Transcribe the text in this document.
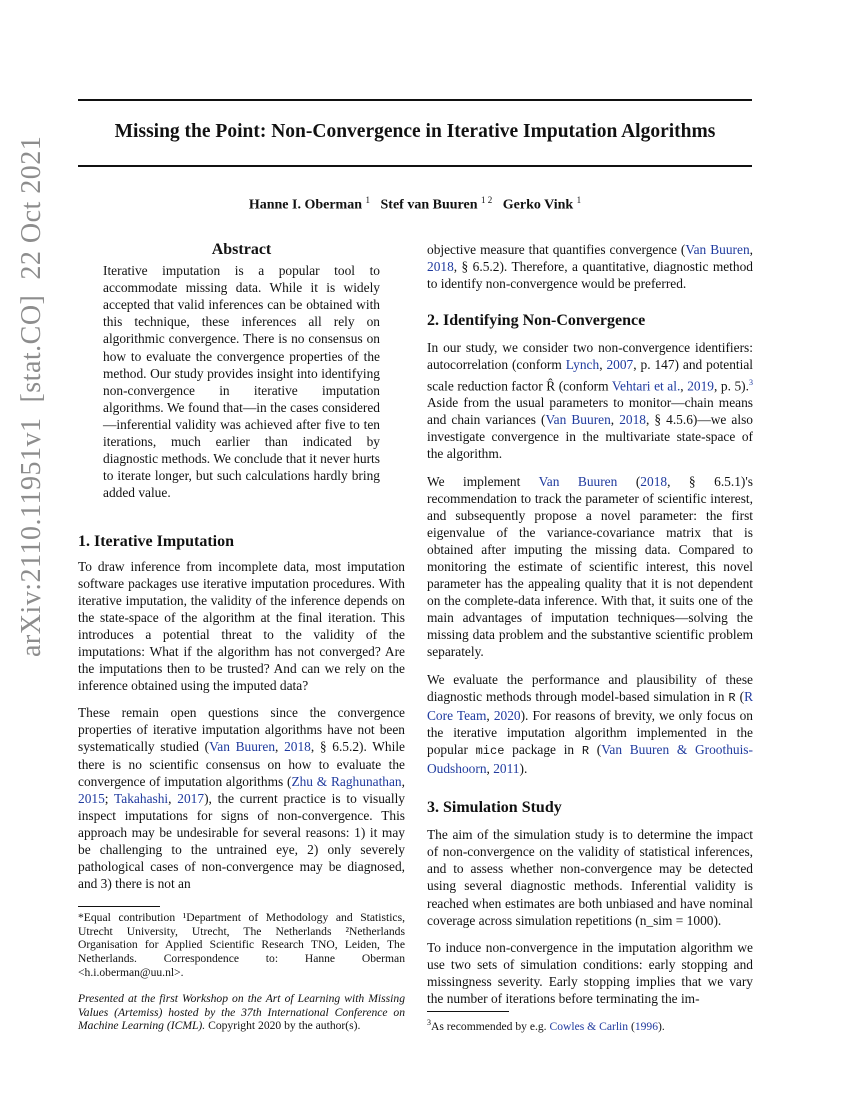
Missing the Point: Non-Convergence in Iterative Imputation Algorithms
Hanne I. Oberman $^1$ Stef van Buuren $^{1 2}$ Gerko Vink $^1$
arXiv:2110.11951v1  [stat.CO]  22 Oct 2021	Abstract

Iterative imputation is a popular tool to accommodate missing data. While it is widely accepted that valid inferences can be obtained with this technique, these inferences all rely on algorithmic convergence. There is no consensus on how to evaluate the convergence properties of the method. Our study provides insight into identifying non-convergence in iterative imputation algorithms. We found that—in the cases considered—inferential validity was achieved after five to ten iterations, much earlier than indicated by diagnostic methods. We conclude that it never hurts to iterate longer, but such calculations hardly bring added value.

1. Iterative Imputation

To draw inference from incomplete data, most imputation software packages use iterative imputation procedures. With iterative imputation, the validity of the inference depends on the state-space of the algorithm at the final iteration. This introduces a potential threat to the validity of the imputations: What if the algorithm has not converged? Are the imputations then to be trusted? And can we rely on the inference obtained using the imputed data?

These remain open questions since the convergence properties of iterative imputation algorithms have not been systematically studied (Van Buuren, 2018, § 6.5.2). While there is no scientific consensus on how to evaluate the convergence of imputation algorithms (Zhu & Raghunathan, 2015; Takahashi, 2017), the current practice is to visually inspect imputations for signs of non-convergence. This approach may be undesirable for several reasons: 1) it may be challenging to the untrained eye, 2) only severely pathological cases of non-convergence may be diagnosed, and 3) there is not an

*Equal contribution ¹Department of Methodology and Statistics, Utrecht University, Utrecht, The Netherlands ²Netherlands Organisation for Applied Scientific Research TNO, Leiden, The Netherlands. Correspondence to: Hanne Oberman <h.i.oberman@uu.nl>.

Presented at the first Workshop on the Art of Learning with Missing Values (Artemiss) hosted by the 37th International Conference on Machine Learning (ICML). Copyright 2020 by the author(s).

objective measure that quantifies convergence (Van Buuren, 2018, § 6.5.2). Therefore, a quantitative, diagnostic method to identify non-convergence would be preferred.

2. Identifying Non-Convergence

In our study, we consider two non-convergence identifiers: autocorrelation (conform Lynch, 2007, p. 147) and potential scale reduction factor R̂ (conform Vehtari et al., 2019, p. 5).$^3$ Aside from the usual parameters to monitor—chain means and chain variances (Van Buuren, 2018, § 4.5.6)—we also investigate convergence in the multivariate state-space of the algorithm.

We implement Van Buuren (2018, § 6.5.1)'s recommendation to track the parameter of scientific interest, and subsequently propose a novel parameter: the first eigenvalue of the variance-covariance matrix that is obtained after imputing the missing data. Compared to monitoring the estimate of scientific interest, this novel parameter has the appealing quality that it is not dependent on the complete-data inference. With that, it suits one of the main advantages of imputation techniques—solving the missing data problem and the substantive scientific problem separately.

We evaluate the performance and plausibility of these diagnostic methods through model-based simulation in R (R Core Team, 2020). For reasons of brevity, we only focus on the iterative imputation algorithm implemented in the popular mice package in R (Van Buuren & Groothuis-Oudshoorn, 2011).

3. Simulation Study

The aim of the simulation study is to determine the impact of non-convergence on the validity of statistical inferences, and to assess whether non-convergence may be detected using several diagnostic methods. Inferential validity is reached when estimates are both unbiased and have nominal coverage across simulation repetitions (n_sim = 1000).

To induce non-convergence in the imputation algorithm we use two sets of simulation conditions: early stopping and missingness severity. Early stopping implies that we vary the number of iterations before terminating the im-

$^3$As recommended by e.g. Cowles & Carlin (1996).
